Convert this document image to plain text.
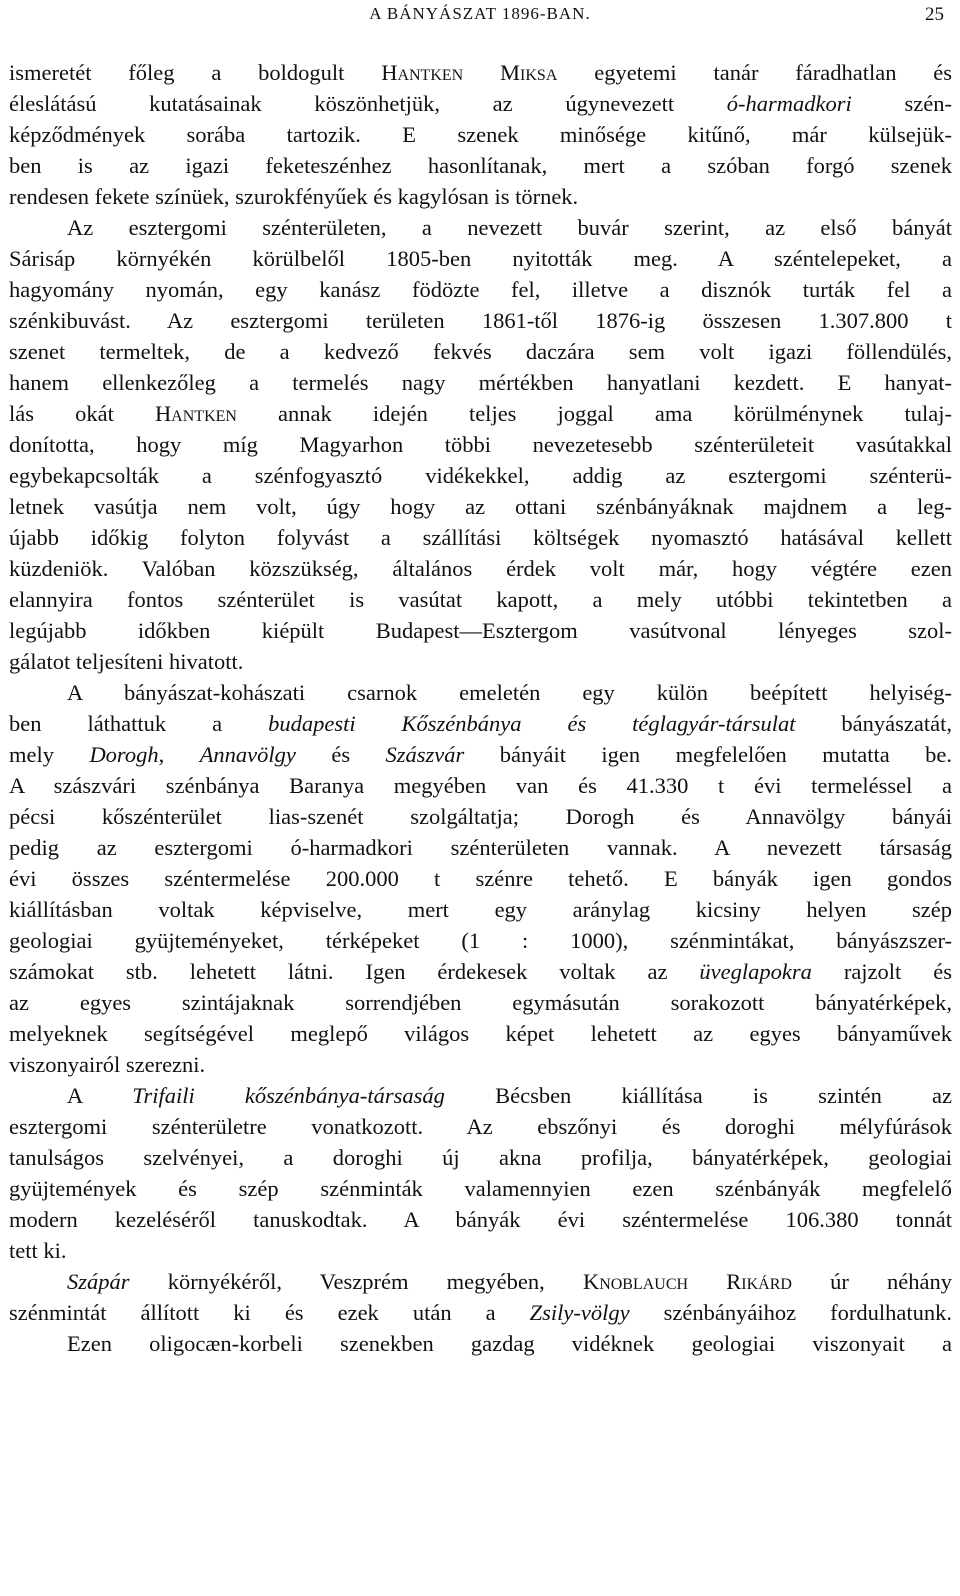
A BÁNYÁSZAT 1896-BAN.	25
ismeretét főleg a boldogult Hantken Miksa egyetemi tanár fáradhatlan és
éleslátású kutatásainak köszönhetjük, az úgynevezett ó-harmadkori szén-
képződmények sorába tartozik. E szenek minősége kitűnő, már külsejük-
ben is az igazi feketeszénhez hasonlítanak, mert a szóban forgó szenek
rendesen fekete színüek, szurokfényűek és kagylósan is törnek.
Az esztergomi szénterületen, a nevezett buvár szerint, az első bányát
Sárisáp környékén körülbelől 1805-ben nyitották meg. A széntelepeket, a
hagyomány nyomán, egy kanász födözte fel, illetve a disznók turták fel a
szénkibuvást. Az esztergomi területen 1861-től 1876-ig összesen 1.307.800 t
szenet termeltek, de a kedvező fekvés daczára sem volt igazi föllendülés,
hanem ellenkezőleg a termelés nagy mértékben hanyatlani kezdett. E hanyat-
lás okát Hantken annak idején teljes joggal ama körülménynek tulaj-
donította, hogy míg Magyarhon többi nevezetesebb szénterületeit vasútakkal
egybekapcsolták a szénfogyasztó vidékekkel, addig az esztergomi szénterü-
letnek vasútja nem volt, úgy hogy az ottani szénbányáknak majdnem a leg-
újabb időkig folyton folyvást a szállítási költségek nyomasztó hatásával kellett
küzdeniök. Valóban közszükség, általános érdek volt már, hogy végtére ezen
elannyira fontos szénterület is vasútat kapott, a mely utóbbi tekintetben a
legújabb időkben kiépült Budapest—Esztergom vasútvonal lényeges szol-
gálatot teljesíteni hivatott.
A bányászat-kohászati csarnok emeletén egy külön beépített helyiség-
ben láthattuk a budapesti Kőszénbánya és téglagyár-társulat bányászatát,
mely Dorogh, Annavölgy és Szászvár bányáit igen megfelelően mutatta be.
A szászvári szénbánya Baranya megyében van és 41.330 t évi termeléssel a
pécsi kőszénterület lias-szenét szolgáltatja; Dorogh és Annavölgy bányái
pedig az esztergomi ó-harmadkori szénterületen vannak. A nevezett társaság
évi összes széntermelése 200.000 t szénre tehető. E bányák igen gondos
kiállításban voltak képviselve, mert egy aránylag kicsiny helyen szép
geologiai gyüjteményeket, térképeket (1 : 1000), szénmintákat, bányászszer-
számokat stb. lehetett látni. Igen érdekesek voltak az üveglapokra rajzolt és
az egyes szintájaknak sorrendjében egymásután sorakozott bányatérképek,
melyeknek segítségével meglepő világos képet lehetett az egyes bányaművek
viszonyairól szerezni.
A Trifaili kőszénbánya-társaság Bécsben kiállítása is szintén az
esztergomi szénterületre vonatkozott. Az ebszőnyi és doroghi mélyfúrások
tanulságos szelvényei, a doroghi új akna profilja, bányatérképek, geologiai
gyüjtemények és szép szénminták valamennyien ezen szénbányák megfelelő
modern kezeléséről tanuskodtak. A bányák évi széntermelése 106.380 tonnát
tett ki.
Szápár környékéről, Veszprém megyében, Knoblauch Rikárd úr néhány
szénmintát állított ki és ezek után a Zsily-völgy szénbányáihoz fordulhatunk.
Ezen oligocæn-korbeli szenekben gazdag vidéknek geologiai viszonyait a
